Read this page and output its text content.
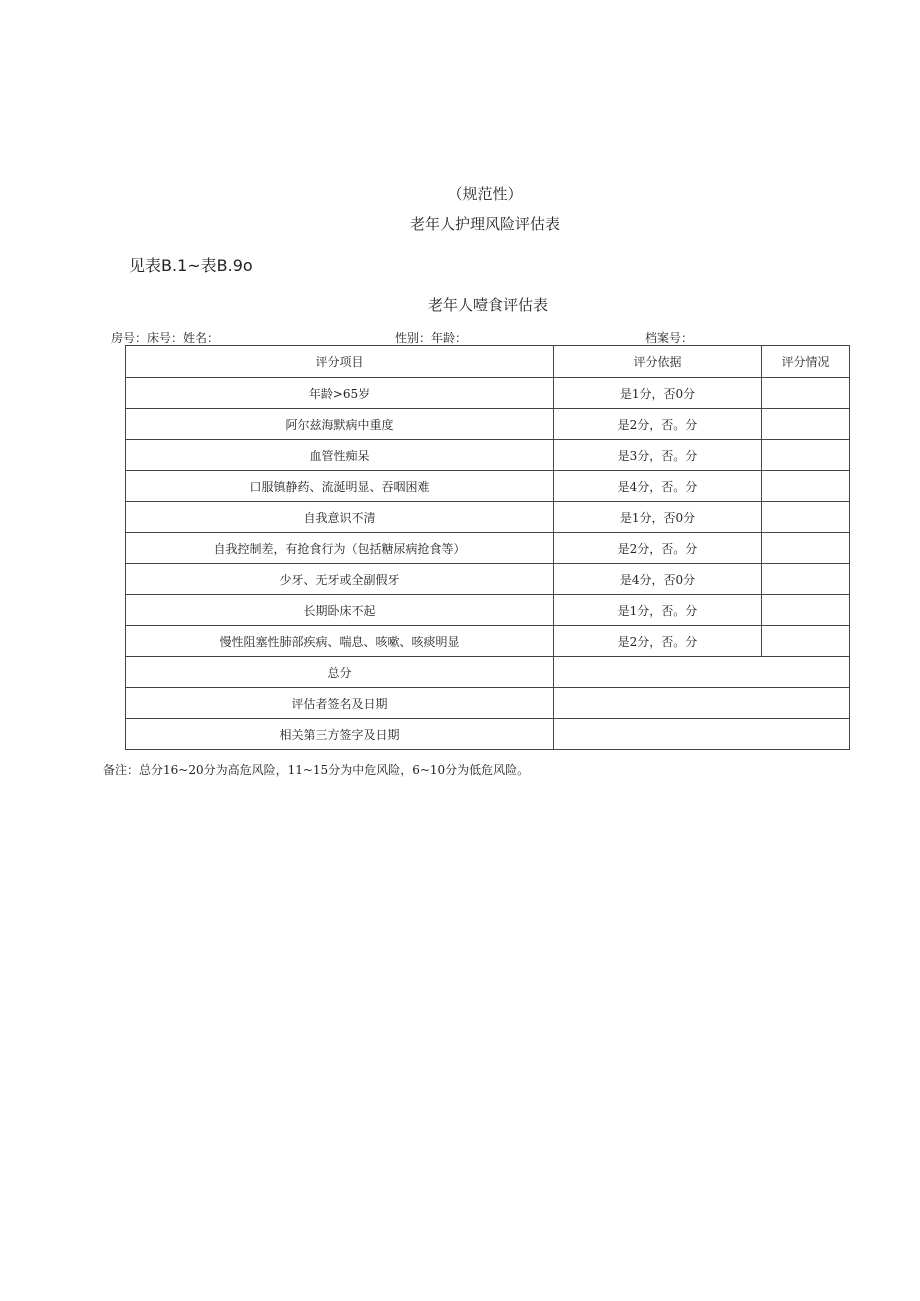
（规范性）
老年人护理风险评估表
见表B.1~表B.9o
老年人噎食评估表
房号：床号：姓名：	性别：年龄：	档案号：
评分项目	评分依据	评分情况
年龄>65岁	是1分，否0分	
阿尔兹海默病中重度	是2分，否。分	
血管性痴呆	是3分，否。分	
口服镇静药、流涎明显、吞咽困难	是4分，否。分	
自我意识不清	是1分，否0分	
自我控制差，有抢食行为（包括糖尿病抢食等）	是2分，否。分	
少牙、无牙或全副假牙	是4分，否0分	
长期卧床不起	是1分，否。分	
慢性阻塞性肺部疾病、喘息、咳嗽、咳痰明显	是2分，否。分	
总分		
评估者签名及日期		
相关第三方签字及日期		
备注：总分16~20分为高危风险，11~15分为中危风险，6~10分为低危风险。
